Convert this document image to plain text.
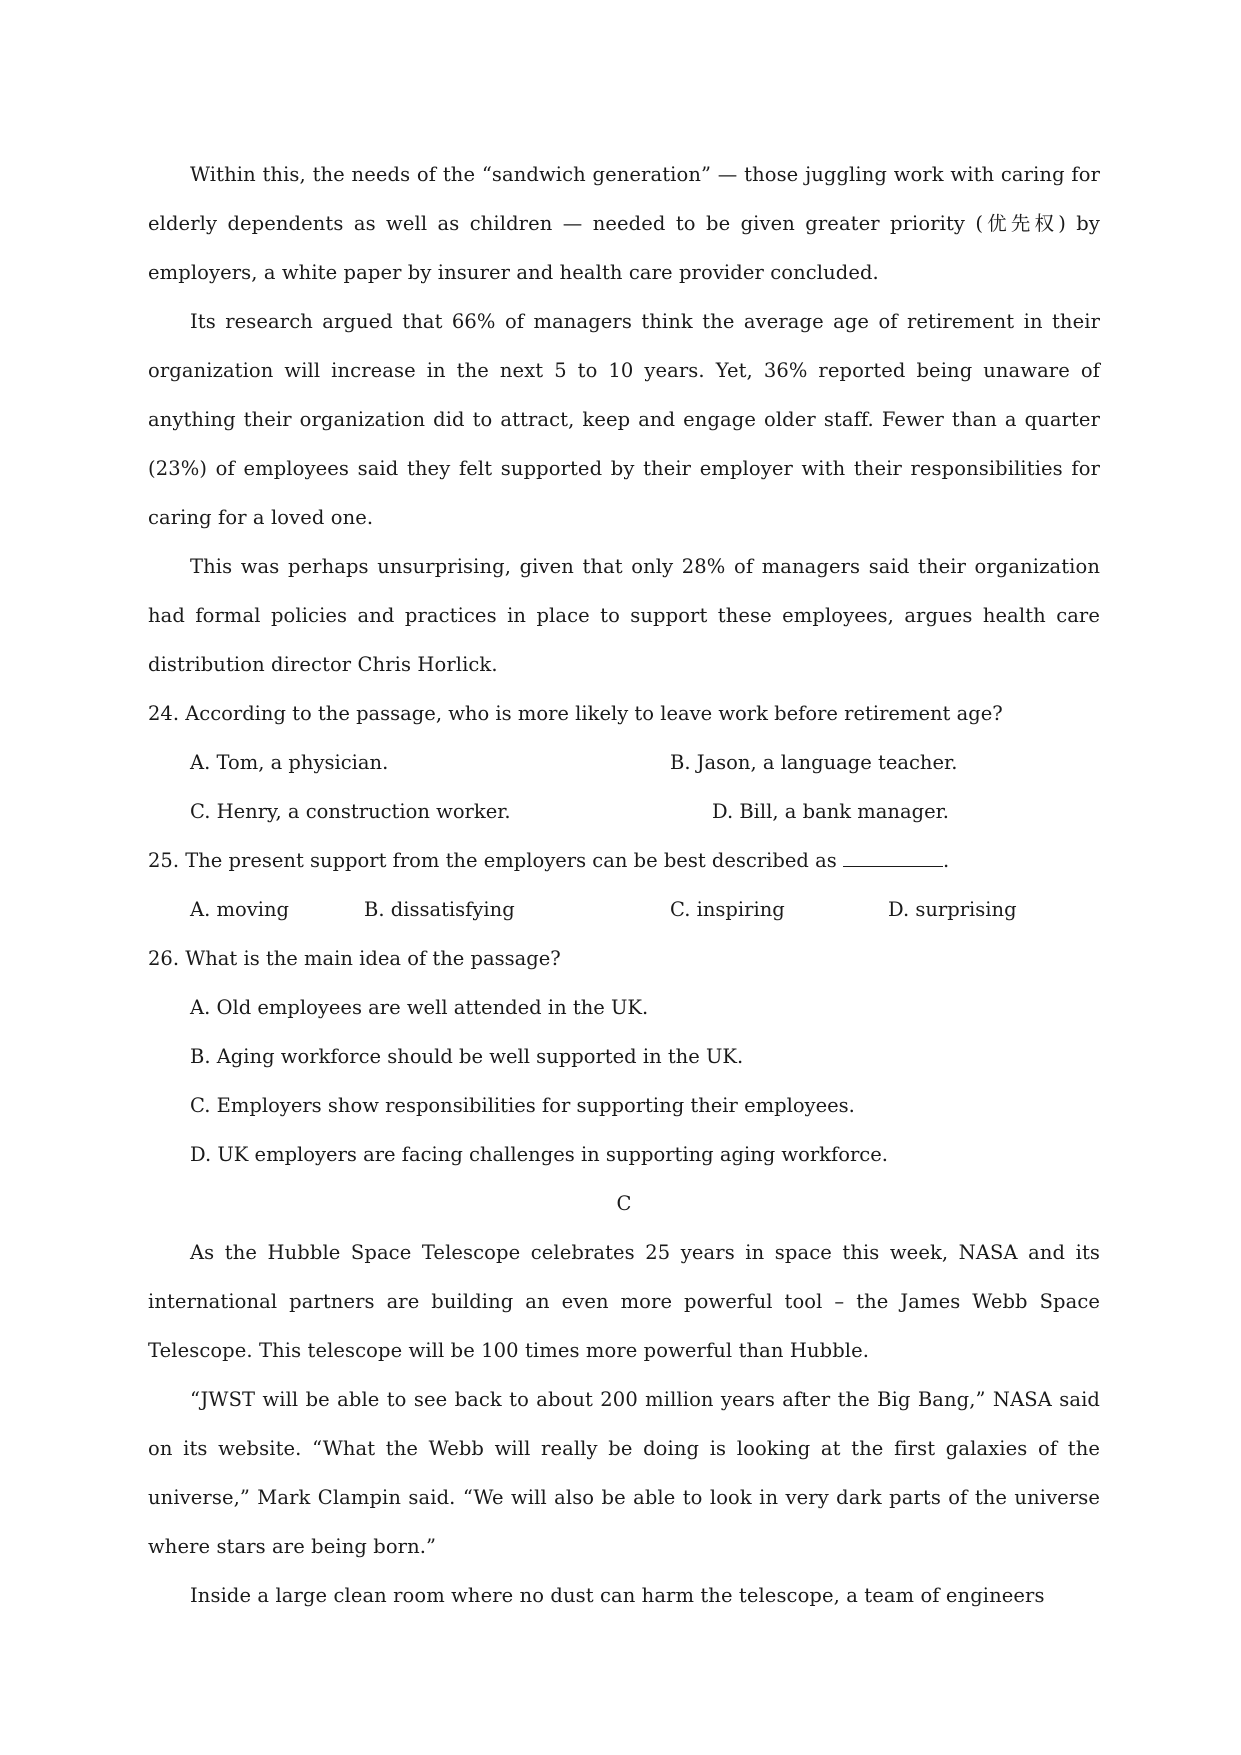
Within this, the needs of the “sandwich generation” — those juggling work with caring for elderly dependents as well as children — needed to be given greater priority (优先权) by employers, a white paper by insurer and health care provider concluded.

Its research argued that 66% of managers think the average age of retirement in their organization will increase in the next 5 to 10 years. Yet, 36% reported being unaware of anything their organization did to attract, keep and engage older staff. Fewer than a quarter (23%) of employees said they felt supported by their employer with their responsibilities for caring for a loved one.

This was perhaps unsurprising, given that only 28% of managers said their organization had formal policies and practices in place to support these employees, argues health care distribution director Chris Horlick.

24. According to the passage, who is more likely to leave work before retirement age?

A. Tom, a physician.	B. Jason, a language teacher.
C. Henry, a construction worker.	D. Bill, a bank manager.

25. The present support from the employers can be best described as	.

A. moving	B. dissatisfying	C. inspiring	D. surprising

26. What is the main idea of the passage?

A. Old employees are well attended in the UK.

B. Aging workforce should be well supported in the UK.

C. Employers show responsibilities for supporting their employees.

D. UK employers are facing challenges in supporting aging workforce.

C

As the Hubble Space Telescope celebrates 25 years in space this week, NASA and its international partners are building an even more powerful tool – the James Webb Space Telescope. This telescope will be 100 times more powerful than Hubble.

“JWST will be able to see back to about 200 million years after the Big Bang,” NASA said on its website. “What the Webb will really be doing is looking at the first galaxies of the universe,” Mark Clampin said. “We will also be able to look in very dark parts of the universe where stars are being born.”

Inside a large clean room where no dust can harm the telescope, a team of engineers
